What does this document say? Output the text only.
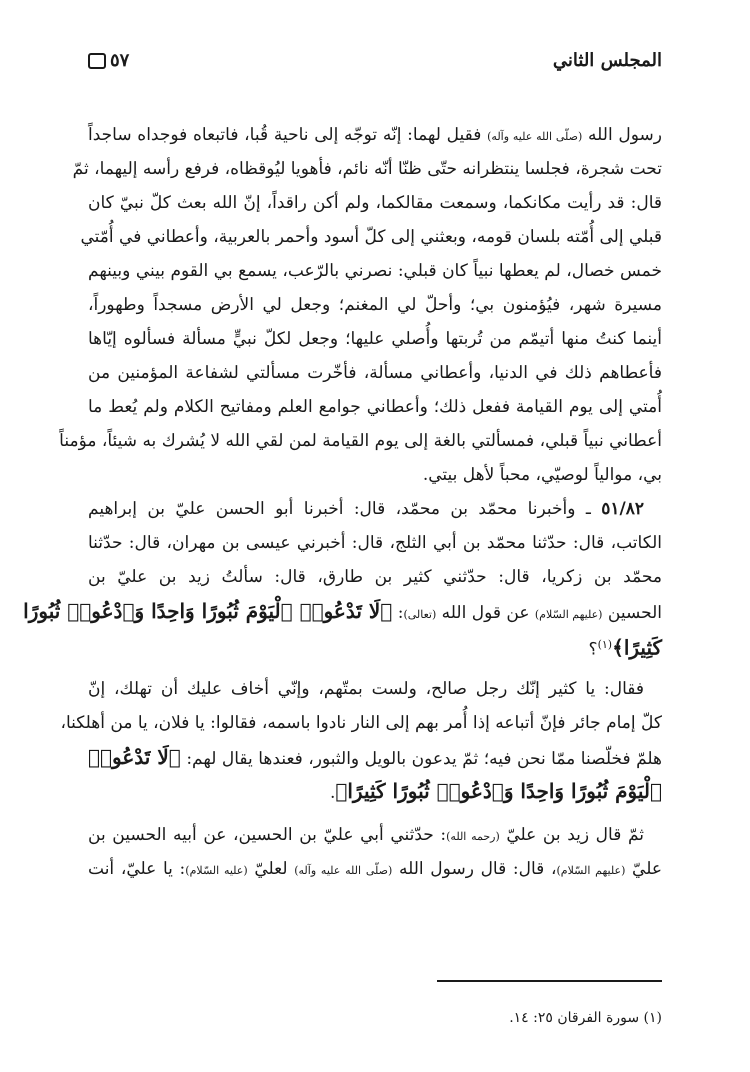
المجلس الثاني
٥٧

رسول الله (صلّى الله عليه وآله) فقيل لهما: إنّه توجّه إلى ناحية قُبا، فاتبعاه فوجداه ساجداً

تحت شجرة، فجلسا ينتظرانه حتّى ظنّا أنّه نائم، فأهويا ليُوقظاه، فرفع رأسه إليهما، ثمّ

قال: قد رأيت مكانكما، وسمعت مقالكما، ولم أكن راقداً، إنّ الله بعث كلّ نبيّ كان

قبلي إلى أُمّته بلسان قومه، وبعثني إلى كلّ أسود وأحمر بالعربية، وأعطاني في أُمّتي

خمس خصال، لم يعطها نبياً كان قبلي: نصرني بالرّعب، يسمع بي القوم بيني وبينهم

مسيرة شهر، فيُؤمنون بي؛ وأحلّ لي المغنم؛ وجعل لي الأرض مسجداً وطهوراً،

أينما كنتُ منها أتيمّم من تُربتها وأُصلي عليها؛ وجعل لكلّ نبيٍّ مسألة فسألوه إيّاها

فأعطاهم ذلك في الدنيا، وأعطاني مسألة، فأخّرت مسألتي لشفاعة المؤمنين من

أُمتي إلى يوم القيامة ففعل ذلك؛ وأعطاني جوامع العلم ومفاتيح الكلام ولم يُعط ما

أعطاني نبياً قبلي، فمسألتي بالغة إلى يوم القيامة لمن لقي الله لا يُشرك به شيئاً، مؤمناً

بي، موالياً لوصيّي، محباً لأهل بيتي.

٥١/٨٢ ـ وأخبرنا محمّد بن محمّد، قال: أخبرنا أبو الحسن عليّ بن إبراهيم

الكاتب، قال: حدّثنا محمّد بن أبي الثلج، قال: أخبرني عيسى بن مهران، قال: حدّثنا

محمّد بن زكريا، قال: حدّثني كثير بن طارق، قال: سألتُ زيد بن عليّ بن

الحسين (عليهم السّلام) عن قول الله (تعالى): ﴿لَا تَدْعُوا۟ ٱلْيَوْمَ ثُبُورًا وَاحِدًا وَٱدْعُوا۟ ثُبُورًا

كَثِيرًا﴾$^{(١)}$؟

فقال: يا كثير إنّك رجل صالح، ولست بمتّهم، وإنّي أخاف عليك أن تهلك، إنّ

كلّ إمام جائر فإنّ أتباعه إذا أُمر بهم إلى النار نادوا باسمه، فقالوا: يا فلان، يا من أهلكنا،

هلمّ فخلّصنا ممّا نحن فيه؛ ثمّ يدعون بالويل والثبور، فعندها يقال لهم: ﴿لَا تَدْعُوا۟

ٱلْيَوْمَ ثُبُورًا وَاحِدًا وَٱدْعُوا۟ ثُبُورًا كَثِيرًا﴾.

ثمّ قال زيد بن عليّ (رحمه الله): حدّثني أبي عليّ بن الحسين، عن أبيه الحسين بن

عليّ (عليهم السّلام)، قال: قال رسول الله (صلّى الله عليه وآله) لعليّ (عليه السّلام): يا عليّ، أنت

(١) سورة الفرقان ٢٥: ١٤.
